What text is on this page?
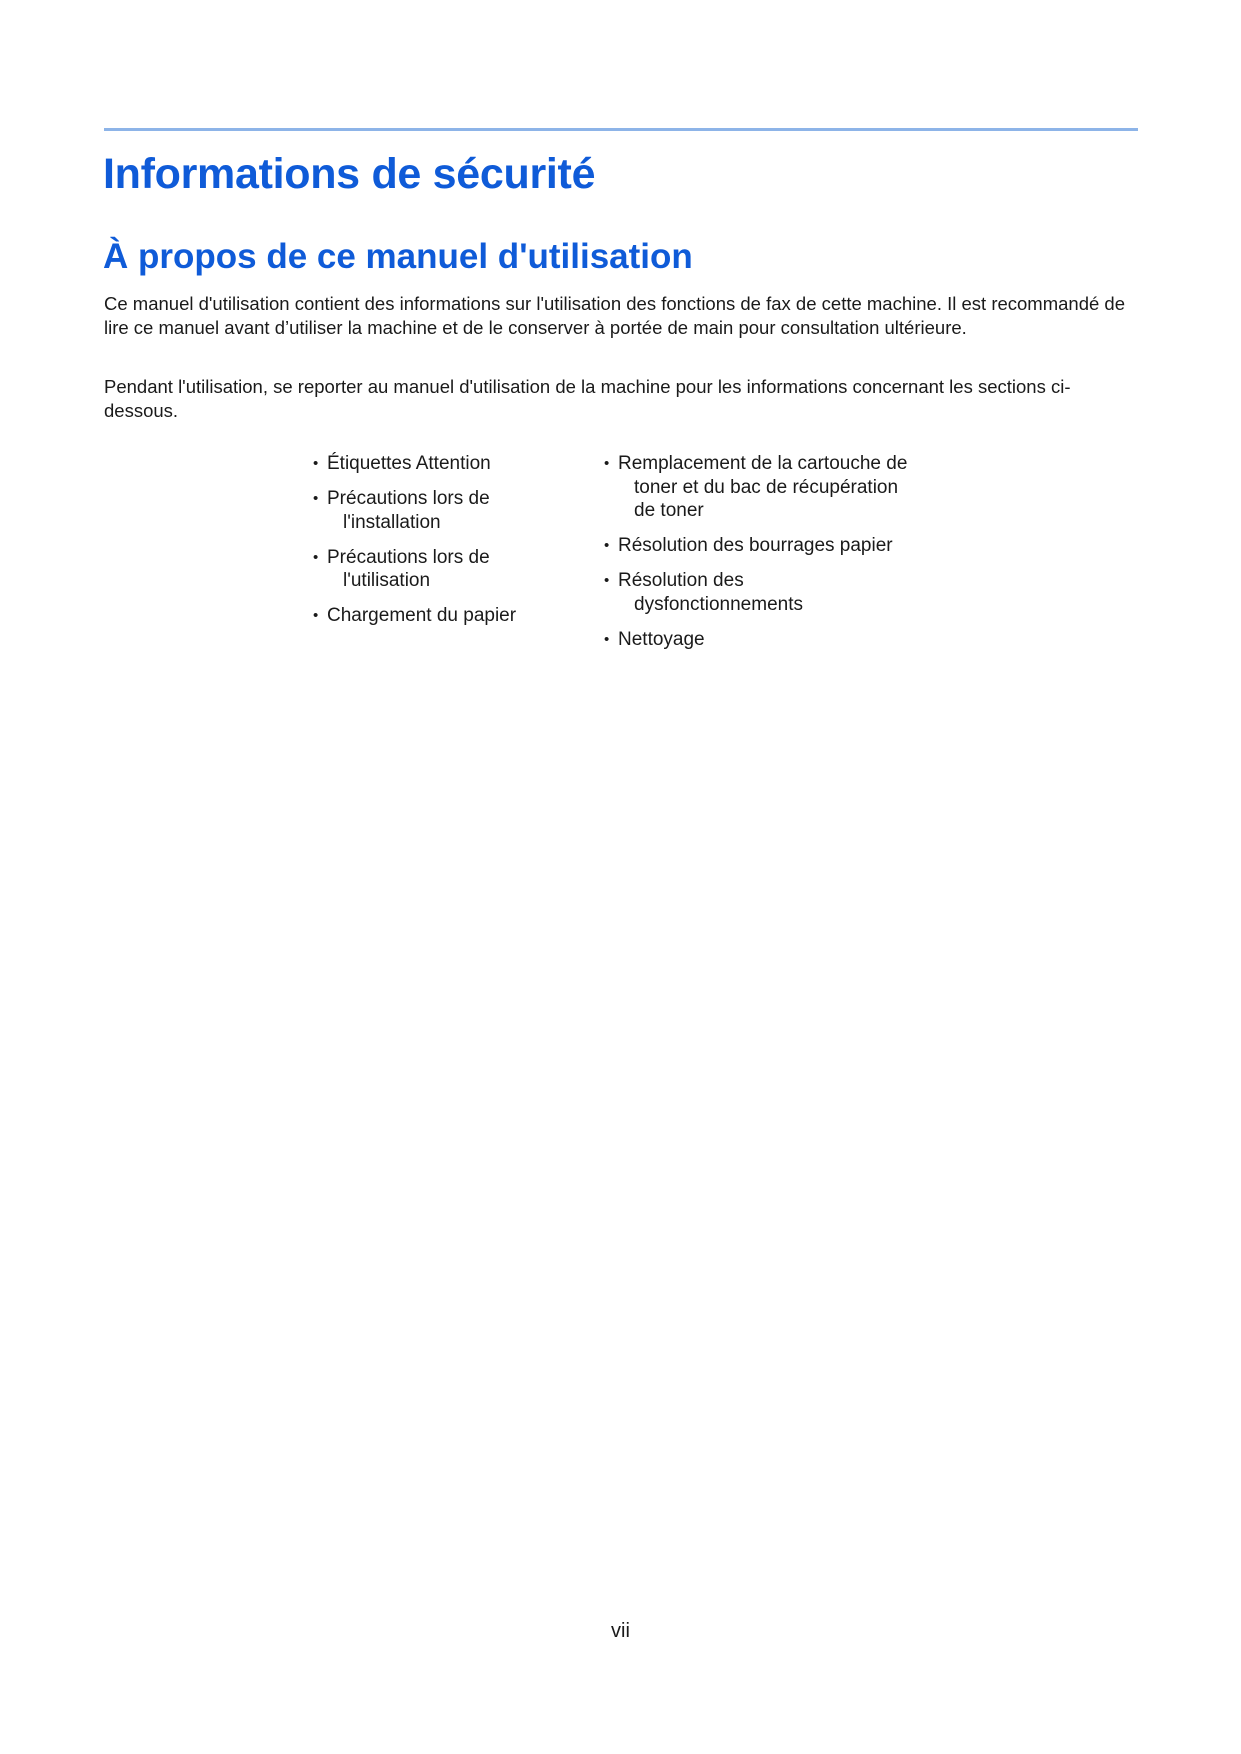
Informations de sécurité
À propos de ce manuel d'utilisation

Ce manuel d'utilisation contient des informations sur l'utilisation des fonctions de fax de cette machine. Il est recommandé de lire ce manuel avant d’utiliser la machine et de le conserver à portée de main pour consultation ultérieure.

Pendant l'utilisation, se reporter au manuel d'utilisation de la machine pour les informations concernant les sections ci-dessous.

• Étiquettes Attention
• Précautions lors de l'installation
• Précautions lors de l'utilisation
• Chargement du papier
• Remplacement de la cartouche de toner et du bac de récupération de toner
• Résolution des bourrages papier
• Résolution des dysfonctionnements
• Nettoyage
vii
